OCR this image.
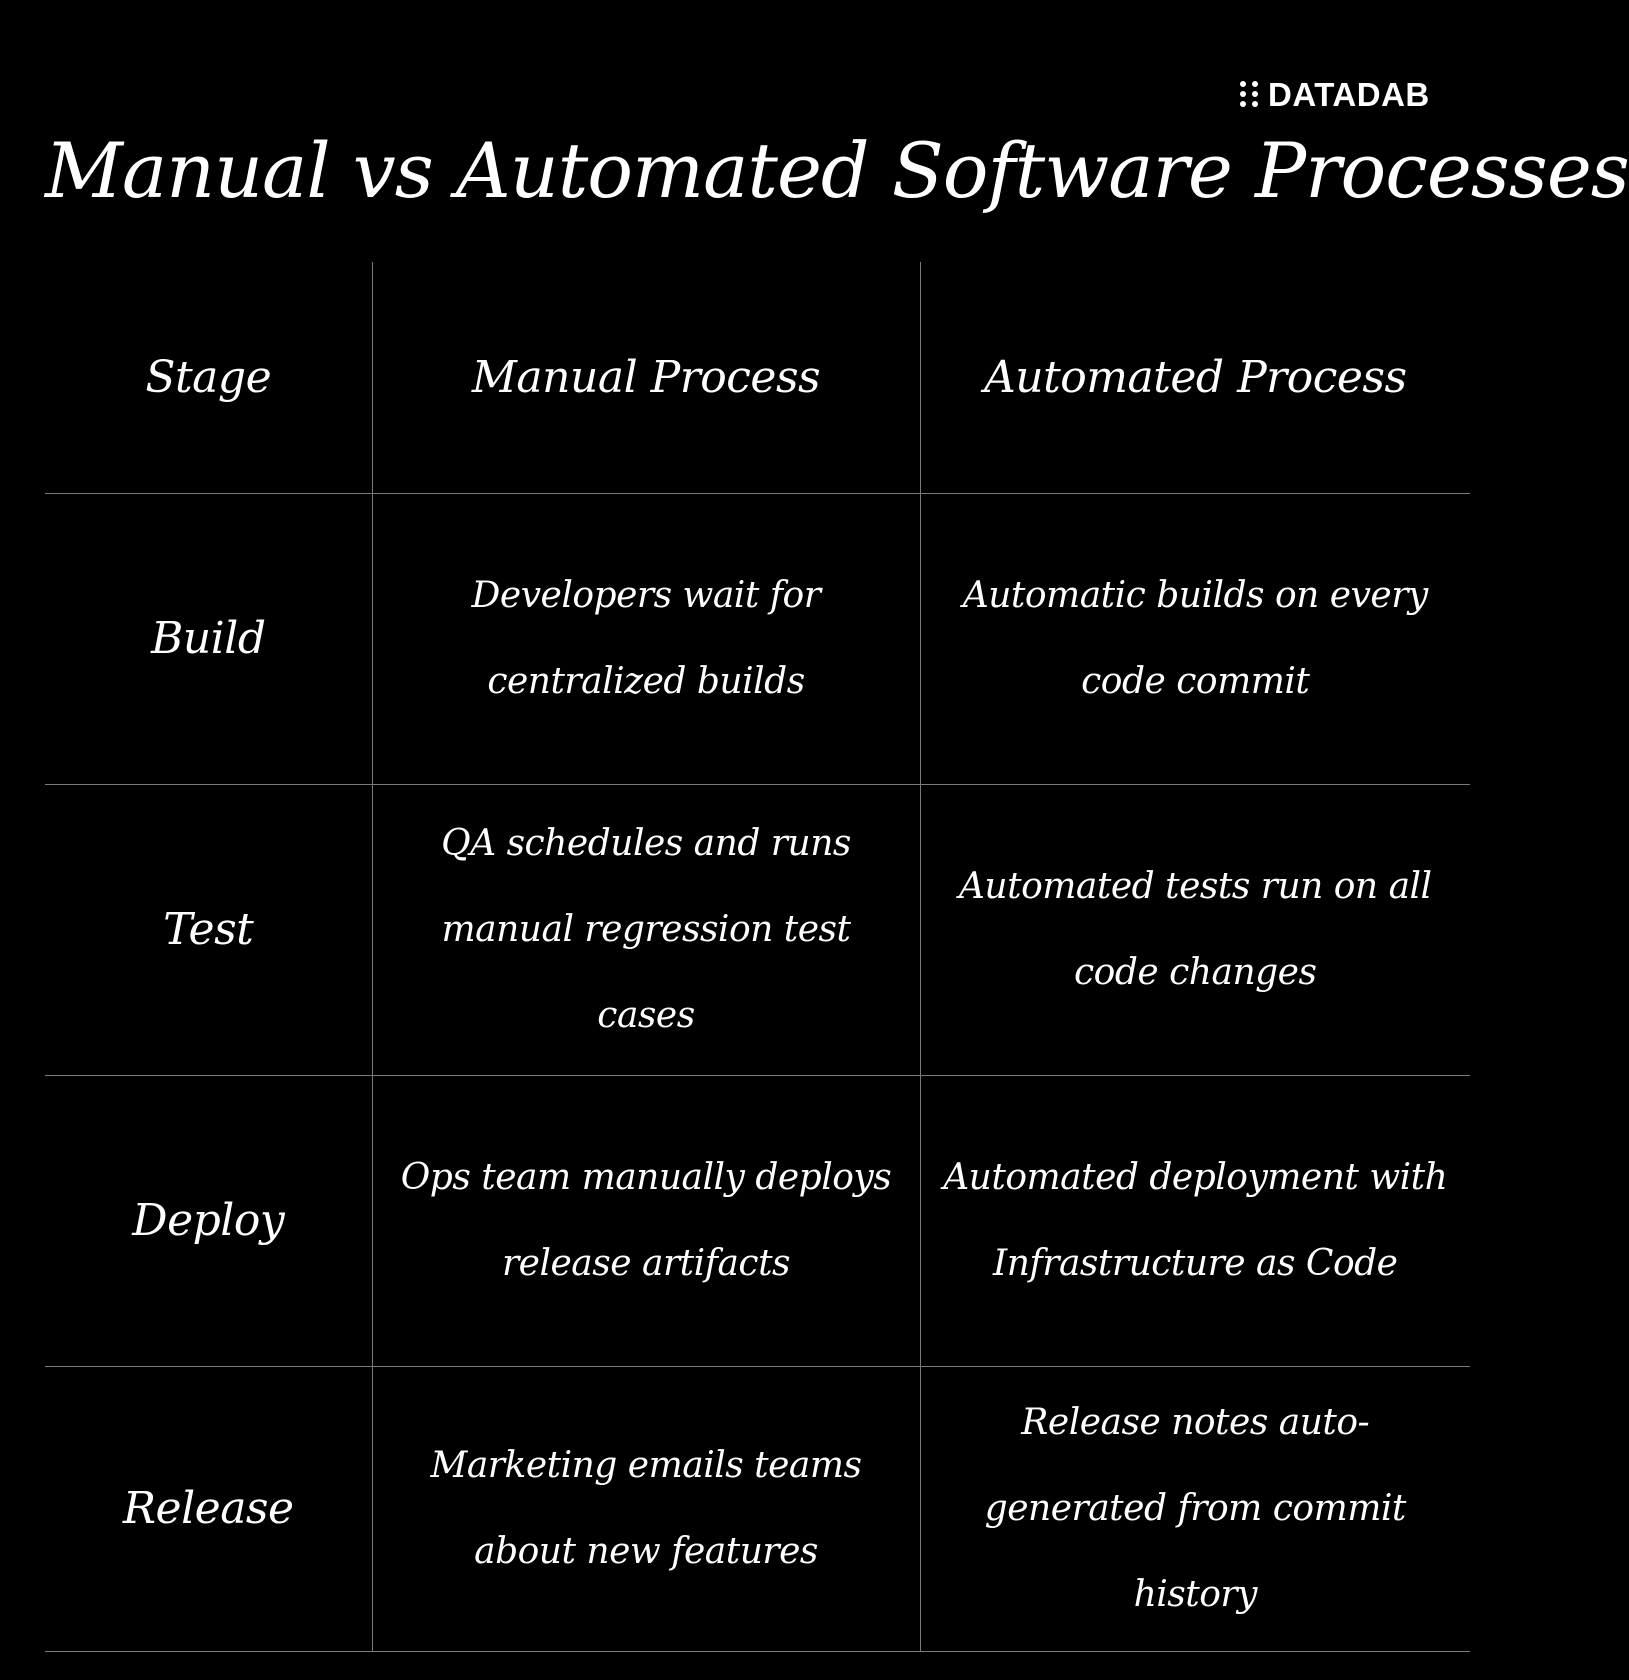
Manual vs Automated Software Processes
DATADAB
Stage	Manual Process	Automated Process
Build	Developers wait for centralized builds	Automatic builds on every code commit
Test	QA schedules and runs manual regression test cases	Automated tests run on all code changes
Deploy	Ops team manually deploys release artifacts	Automated deployment with Infrastructure as Code
Release	Marketing emails teams about new features	Release notes auto-generated from commit history
